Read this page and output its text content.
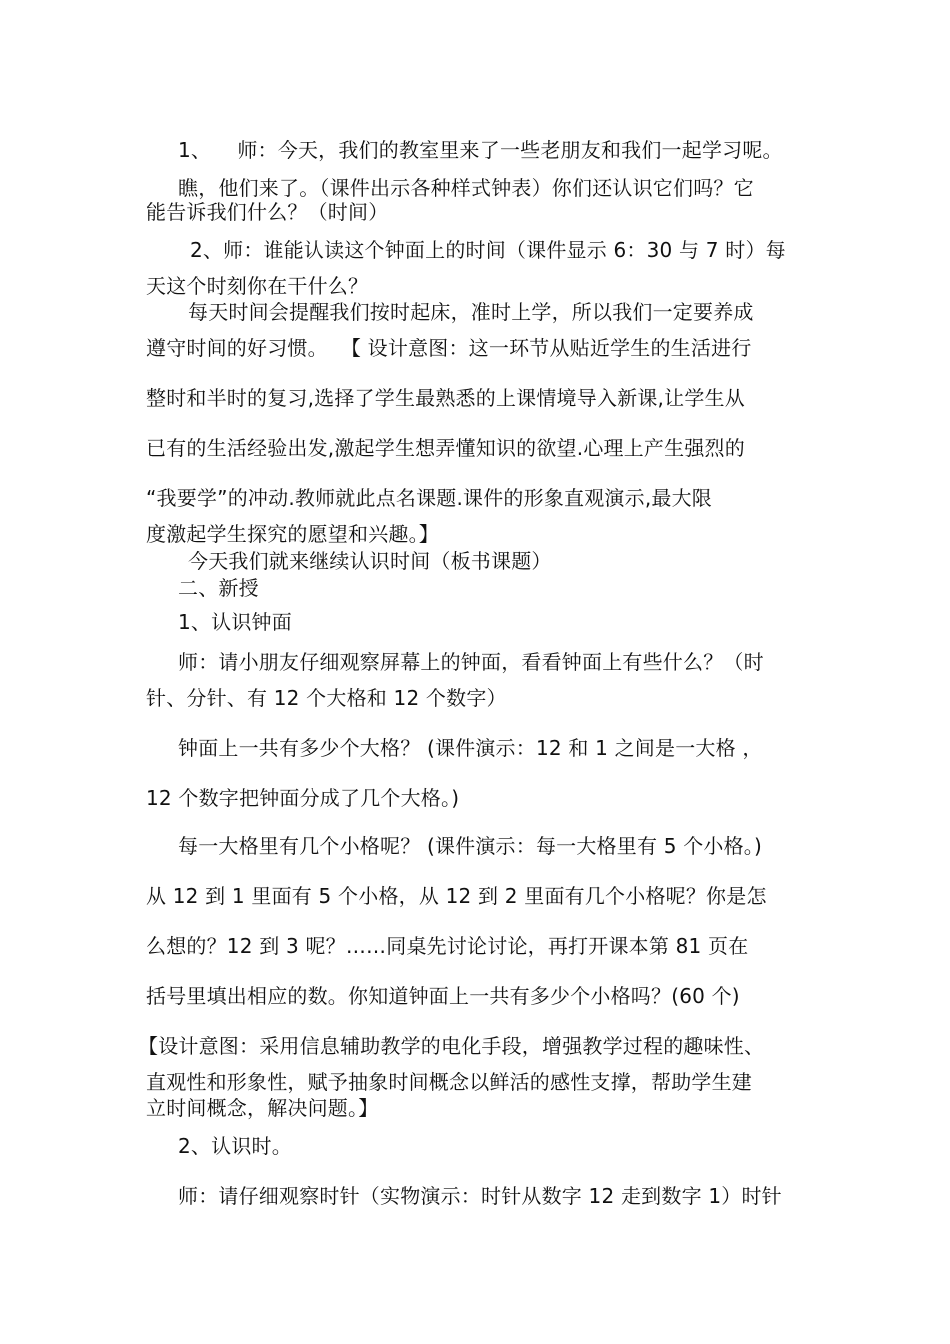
1、    师：今天，我们的教室里来了一些老朋友和我们一起学习呢。
瞧，他们来了。（课件出示各种样式钟表）你们还认识它们吗？它
能告诉我们什么？（时间）
2、师：谁能认读这个钟面上的时间（课件显示 6：30 与 7 时）每
天这个时刻你在干什么？
每天时间会提醒我们按时起床，准时上学，所以我们一定要养成
遵守时间的好习惯。  【 设计意图：这一环节从贴近学生的生活进行
整时和半时的复习,选择了学生最熟悉的上课情境导入新课,让学生从
已有的生活经验出发,激起学生想弄懂知识的欲望.心理上产生强烈的
“我要学”的冲动.教师就此点名课题.课件的形象直观演示,最大限
度激起学生探究的愿望和兴趣。】
今天我们就来继续认识时间（板书课题）
二、新授
1、认识钟面
师：请小朋友仔细观察屏幕上的钟面，看看钟面上有些什么？（时
针、分针、有 12 个大格和 12 个数字）
钟面上一共有多少个大格？ (课件演示：12 和 1 之间是一大格 ，
12 个数字把钟面分成了几个大格。)
每一大格里有几个小格呢？ (课件演示：每一大格里有 5 个小格。)
从 12 到 1 里面有 5 个小格，从 12 到 2 里面有几个小格呢？你是怎
么想的？12 到 3 呢？……同桌先讨论讨论，再打开课本第 81 页在
括号里填出相应的数。你知道钟面上一共有多少个小格吗？(60 个)
【设计意图：采用信息辅助教学的电化手段，增强教学过程的趣味性、
直观性和形象性，赋予抽象时间概念以鲜活的感性支撑，帮助学生建
立时间概念，解决问题。】
2、认识时。
师：请仔细观察时针（实物演示：时针从数字 12 走到数字 1）时针
